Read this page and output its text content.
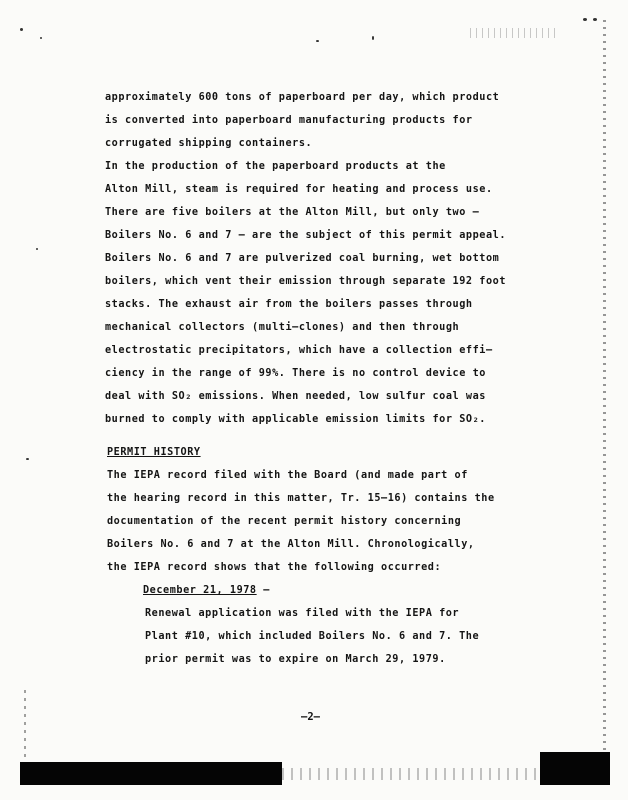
approximately 600 tons of paperboard per day, which product
is converted into paperboard manufacturing products for
corrugated shipping containers.
In the production of the paperboard products at the
Alton Mill, steam is required for heating and process use.
There are five boilers at the Alton Mill, but only two –
Boilers No. 6 and 7 – are the subject of this permit appeal.
Boilers No. 6 and 7 are pulverized coal burning, wet bottom
boilers, which vent their emission through separate 192 foot
stacks. The exhaust air from the boilers passes through
mechanical collectors (multi–clones) and then through
electrostatic precipitators, which have a collection effi–
ciency in the range of 99%. There is no control device to
deal with SO₂ emissions. When needed, low sulfur coal was
burned to comply with applicable emission limits for SO₂.
PERMIT HISTORY
The IEPA record filed with the Board (and made part of
the hearing record in this matter, Tr. 15–16) contains the
documentation of the recent permit history concerning
Boilers No. 6 and 7 at the Alton Mill. Chronologically,
the IEPA record shows that the following occurred:
December 21, 1978 –
Renewal application was filed with the IEPA for
Plant #10, which included Boilers No. 6 and 7. The
prior permit was to expire on March 29, 1979.
–2–
